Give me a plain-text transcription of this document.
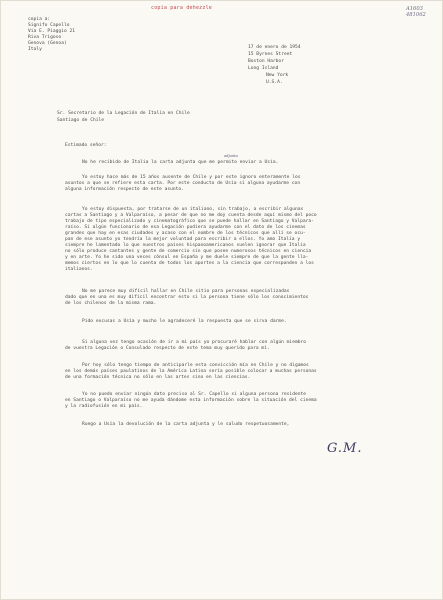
A1603
481062
copia para dehezzle
copia a:
Signifo Capello
Via E. Piaggio 21
Riva Trigoso
Genova (Genoa)
Italy	17 de enero de 1954
15 Byrnes Street
Boston Harbor
Long Island
New York
U.S.A.
Sr. Secretario de la Legación de Italia en Chile
Santiago de Chile
Estimado señor:
adjunta
No he recibido de Italia la carta adjunta que me permito enviar a Usía.
Yo estoy hace más de 15 años ausente de Chile y por este ignoro enteramente los
asuntos a que se refiere esta carta. Por este conducto de Usía si alguna ayudarme con
alguna información respecto de este asunto.
Yo estoy dispuesta, por tratarse de un italiano, sin trabajo, a escribir algunas
cartas a Santiago y a Valparaíso, a pesar de que no me doy cuenta desde aquí mismo del poco
trabajo de tipo especializado y cinematográfico que se puede hallar en Santiago y Valpara-
raíso. Si algún funcionario de esa Legación pudiera ayudarme con el dato de los cinemas
grandes que hay en esas ciudades y acaso con el nombre de los técnicos que allí se ocu-
pan de ese asunto yo tendría la mejor voluntad para escribir a ellos. Yo amo Italia y
siempre he lamentado lo que nuestros países hispanoamericanos suelen ignorar que Italia
no sólo produce cantantes y gente de comercio sin que posee numerosos técnicos en ciencia
y en arte. Yo he sido una veces cónsul en España y me duele siempre de que la gente lla-
memos ciertos en lo que lo cuenta de todos los aportes a la ciencia que corresponden a los
italianos.
No me parece muy difícil hallar en Chile sitio para personas especializadas
dado que en una es muy difícil encontrar esto si la persona tiene sólo los conocimientos
de los chilenos de la misma rama.
Pido excusas a Usía y mucho le agradeceré la respuesta que se sirva darme.
Si alguna vez tengo ocasión de ir a mi país yo procuraré hablar con algún miembro
de vuestra Legación o Consulado respecto de este tema muy querido para mí.
Por hoy sólo tengo tiempo de anticiparle esta convicción mía en Chile y no digamos
en los demás países paulatinos de la América Latina sería posible colocar a muchas personas
de una formación técnica no sólo en las artes sino en las ciencias.
Yo no puedo enviar ningún dato preciso al Sr. Capello si alguna persona residente
en Santiago o Valparaíso no me ayuda dándome esta información sobre la situación del cinema
y la radiofusión en mi país.
Ruego a Usía la devolución de la carta adjunta y le saludo respetuosamente,
G.M.
